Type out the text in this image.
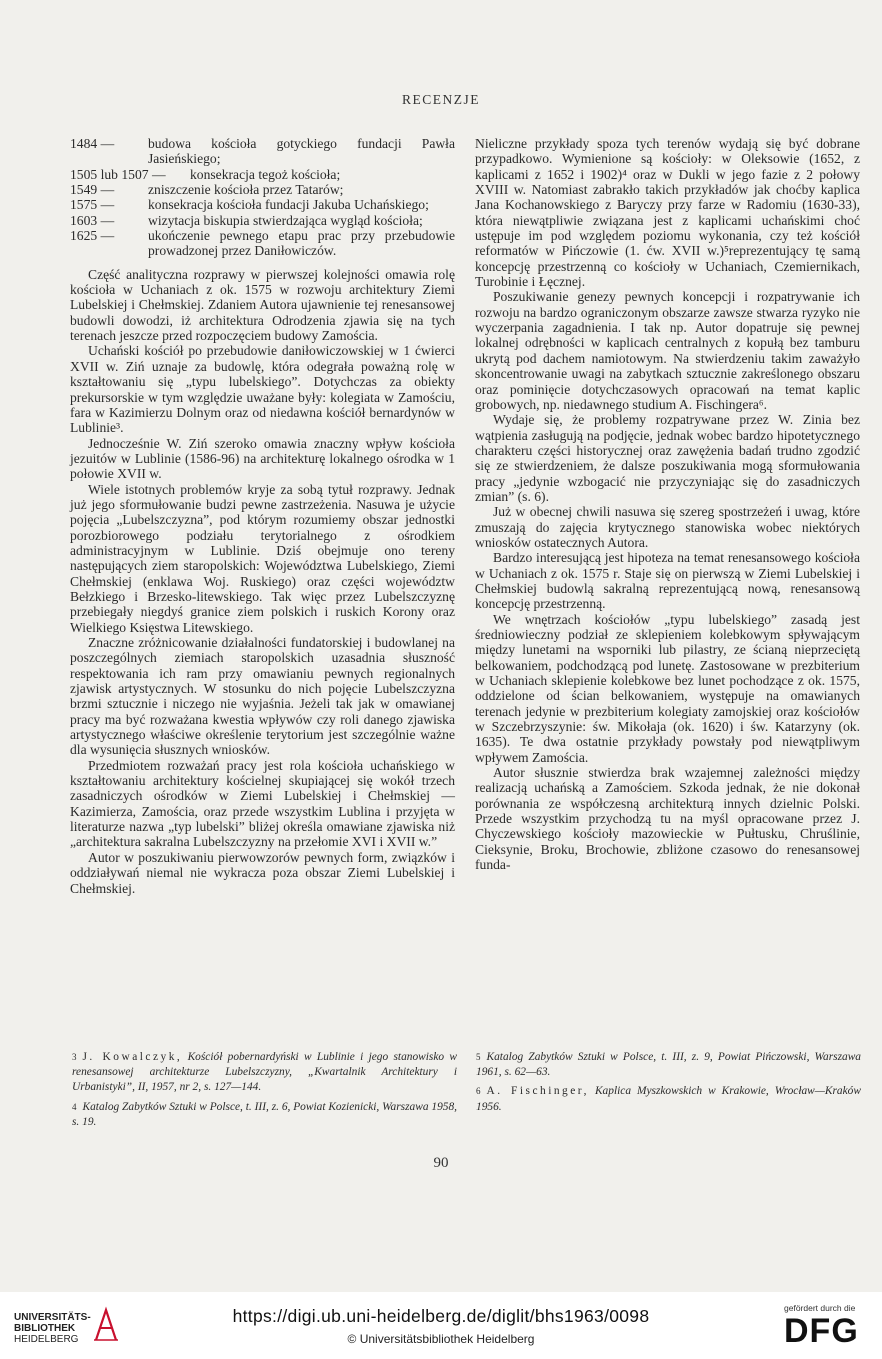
RECENZJE
1484 —	budowa kościoła gotyckiego fundacji Pawła Jasieńskiego;
1505 lub 1507 —	konsekracja tegoż kościoła;
1549 —	zniszczenie kościoła przez Tatarów;
1575 —	konsekracja kościoła fundacji Jakuba Uchańskiego;
1603 —	wizytacja biskupia stwierdzająca wygląd kościoła;
1625 —	ukończenie pewnego etapu prac przy przebudowie prowadzonej przez Daniłowiczów.

Część analityczna rozprawy w pierwszej kolejności omawia rolę kościoła w Uchaniach z ok. 1575 w rozwoju architektury Ziemi Lubelskiej i Chełmskiej. Zdaniem Autora ujawnienie tej renesansowej budowli dowodzi, iż architektura Odrodzenia zjawia się na tych terenach jeszcze przed rozpoczęciem budowy Zamościa.

Uchański kościół po przebudowie daniłowiczowskiej w 1 ćwierci XVII w. Ziń uznaje za budowlę, która odegrała poważną rolę w kształtowaniu się „typu lubelskiego”. Dotychczas za obiekty prekursorskie w tym względzie uważane były: kolegiata w Zamościu, fara w Kazimierzu Dolnym oraz od niedawna kościół bernardynów w Lublinie³.

Jednocześnie W. Ziń szeroko omawia znaczny wpływ kościoła jezuitów w Lublinie (1586-96) na architekturę lokalnego ośrodka w 1 połowie XVII w.

Wiele istotnych problemów kryje za sobą tytuł rozprawy. Jednak już jego sformułowanie budzi pewne zastrzeżenia. Nasuwa je użycie pojęcia „Lubelszczyzna”, pod którym rozumiemy obszar jednostki porozbiorowego podziału terytorialnego z ośrodkiem administracyjnym w Lublinie. Dziś obejmuje ono tereny następujących ziem staropolskich: Województwa Lubelskiego, Ziemi Chełmskiej (enklawa Woj. Ruskiego) oraz części województw Bełzkiego i Brzesko-litewskiego. Tak więc przez Lubelszczyznę przebiegały niegdyś granice ziem polskich i ruskich Korony oraz Wielkiego Księstwa Litewskiego.

Znaczne zróżnicowanie działalności fundatorskiej i budowlanej na poszczególnych ziemiach staropolskich uzasadnia słuszność respektowania ich ram przy omawianiu pewnych regionalnych zjawisk artystycznych. W stosunku do nich pojęcie Lubelszczyzna brzmi sztucznie i niczego nie wyjaśnia. Jeżeli tak jak w omawianej pracy ma być rozważana kwestia wpływów czy roli danego zjawiska artystycznego właściwe określenie terytorium jest szczególnie ważne dla wysunięcia słusznych wniosków.

Przedmiotem rozważań pracy jest rola kościoła uchańskiego w kształtowaniu architektury kościelnej skupiającej się wokół trzech zasadniczych ośrodków w Ziemi Lubelskiej i Chełmskiej — Kazimierza, Zamościa, oraz przede wszystkim Lublina i przyjęta w literaturze nazwa „typ lubelski” bliżej określa omawiane zjawiska niż „architektura sakralna Lubelszczyzny na przełomie XVI i XVII w.”

Autor w poszukiwaniu pierwowzorów pewnych form, związków i oddziaływań niemal nie wykracza poza obszar Ziemi Lubelskiej i Chełmskiej.

Nieliczne przykłady spoza tych terenów wydają się być dobrane przypadkowo. Wymienione są kościoły: w Oleksowie (1652, z kaplicami z 1652 i 1902)⁴ oraz w Dukli w jego fazie z 2 połowy XVIII w. Natomiast zabrakło takich przykładów jak choćby kaplica Jana Kochanowskiego z Baryczy przy farze w Radomiu (1630-33), która niewątpliwie związana jest z kaplicami uchańskimi choć ustępuje im pod względem poziomu wykonania, czy też kościół reformatów w Pińczowie (1. ćw. XVII w.)⁵reprezentujący tę samą koncepcję przestrzenną co kościoły w Uchaniach, Czemiernikach, Turobinie i Łęcznej.

Poszukiwanie genezy pewnych koncepcji i rozpatrywanie ich rozwoju na bardzo ograniczonym obszarze zawsze stwarza ryzyko nie wyczerpania zagadnienia. I tak np. Autor dopatruje się pewnej lokalnej odrębności w kaplicach centralnych z kopułą bez tamburu ukrytą pod dachem namiotowym. Na stwierdzeniu takim zaważyło skoncentrowanie uwagi na zabytkach sztucznie zakreślonego obszaru oraz pominięcie dotychczasowych opracowań na temat kaplic grobowych, np. niedawnego studium A. Fischingera⁶.

Wydaje się, że problemy rozpatrywane przez W. Zinia bez wątpienia zasługują na podjęcie, jednak wobec bardzo hipotetycznego charakteru części historycznej oraz zawężenia badań trudno zgodzić się ze stwierdzeniem, że dalsze poszukiwania mogą sformułowania pracy „jedynie wzbogacić nie przyczyniając się do zasadniczych zmian” (s. 6).

Już w obecnej chwili nasuwa się szereg spostrzeżeń i uwag, które zmuszają do zajęcia krytycznego stanowiska wobec niektórych wniosków ostatecznych Autora.

Bardzo interesującą jest hipoteza na temat renesansowego kościoła w Uchaniach z ok. 1575 r. Staje się on pierwszą w Ziemi Lubelskiej i Chełmskiej budowlą sakralną reprezentującą nową, renesansową koncepcję przestrzenną.

We wnętrzach kościołów „typu lubelskiego” zasadą jest średniowieczny podział ze sklepieniem kolebkowym spływającym między lunetami na wsporniki lub pilastry, ze ścianą nieprzeciętą belkowaniem, podchodzącą pod lunetę. Zastosowane w prezbiterium w Uchaniach sklepienie kolebkowe bez lunet pochodzące z ok. 1575, oddzielone od ścian belkowaniem, występuje na omawianych terenach jedynie w prezbiterium kolegiaty zamojskiej oraz kościołów w Szczebrzyszynie: św. Mikołaja (ok. 1620) i św. Katarzyny (ok. 1635). Te dwa ostatnie przykłady powstały pod niewątpliwym wpływem Zamościa.

Autor słusznie stwierdza brak wzajemnej zależności między realizacją uchańską a Zamościem. Szkoda jednak, że nie dokonał porównania ze współczesną architekturą innych dzielnic Polski. Przede wszystkim przychodzą tu na myśl opracowane przez J. Chyczewskiego kościoły mazowieckie w Pułtusku, Chruślinie, Cieksynie, Broku, Brochowie, zbliżone czasowo do renesansowej funda-

3 J. Kowalczyk, Kościół pobernardyński w Lublinie i jego stanowisko w renesansowej architekturze Lubelszczyzny, „Kwartalnik Architektury i Urbanistyki”, II, 1957, nr 2, s. 127—144.

4 Katalog Zabytków Sztuki w Polsce, t. III, z. 6, Powiat Kozienicki, Warszawa 1958, s. 19.

5 Katalog Zabytków Sztuki w Polsce, t. III, z. 9, Powiat Pińczowski, Warszawa 1961, s. 62—63.

6 A. Fischinger, Kaplica Myszkowskich w Krakowie, Wrocław—Kraków 1956.

90
UNIVERSITÄTS-
BIBLIOTHEK
HEIDELBERG
https://digi.ub.uni-heidelberg.de/diglit/bhs1963/0098
© Universitätsbibliothek Heidelberg
gefördert durch die
DFG
